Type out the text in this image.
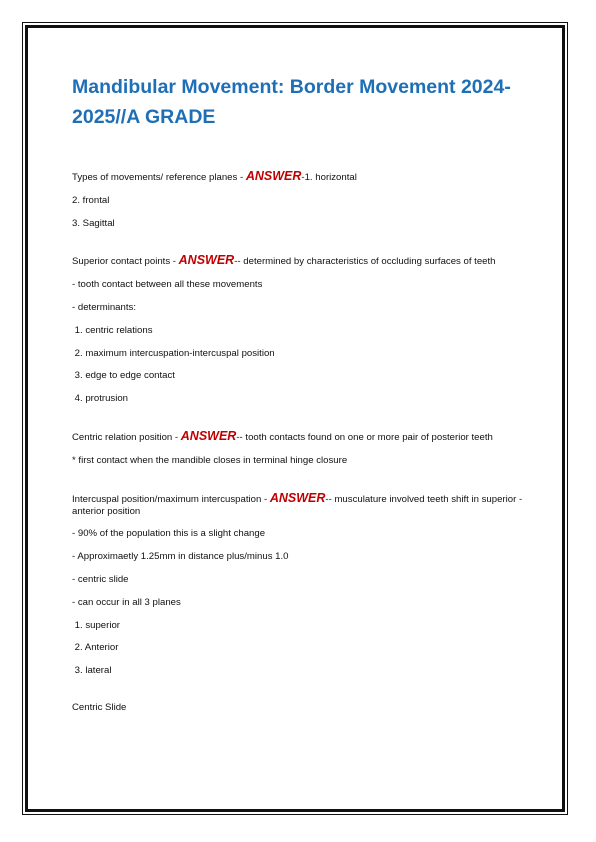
Mandibular Movement: Border Movement 2024-2025//A GRADE

Types of movements/ reference planes - ANSWER-1. horizontal

2. frontal

3. Sagittal

Superior contact points - ANSWER-- determined by characteristics of occluding surfaces of teeth

- tooth contact between all these movements

- determinants:

1. centric relations

2. maximum intercuspation-intercuspal position

3. edge to edge contact

4. protrusion

Centric relation position - ANSWER-- tooth contacts found on one or more pair of posterior teeth

* first contact when the mandible closes in terminal hinge closure

Intercuspal position/maximum intercuspation - ANSWER-- musculature involved teeth shift in superior - anterior position

- 90% of the population this is a slight change

- Approximaetly 1.25mm in distance plus/minus 1.0

- centric slide

- can occur in all 3 planes

1. superior

2. Anterior

3. lateral

Centric Slide
